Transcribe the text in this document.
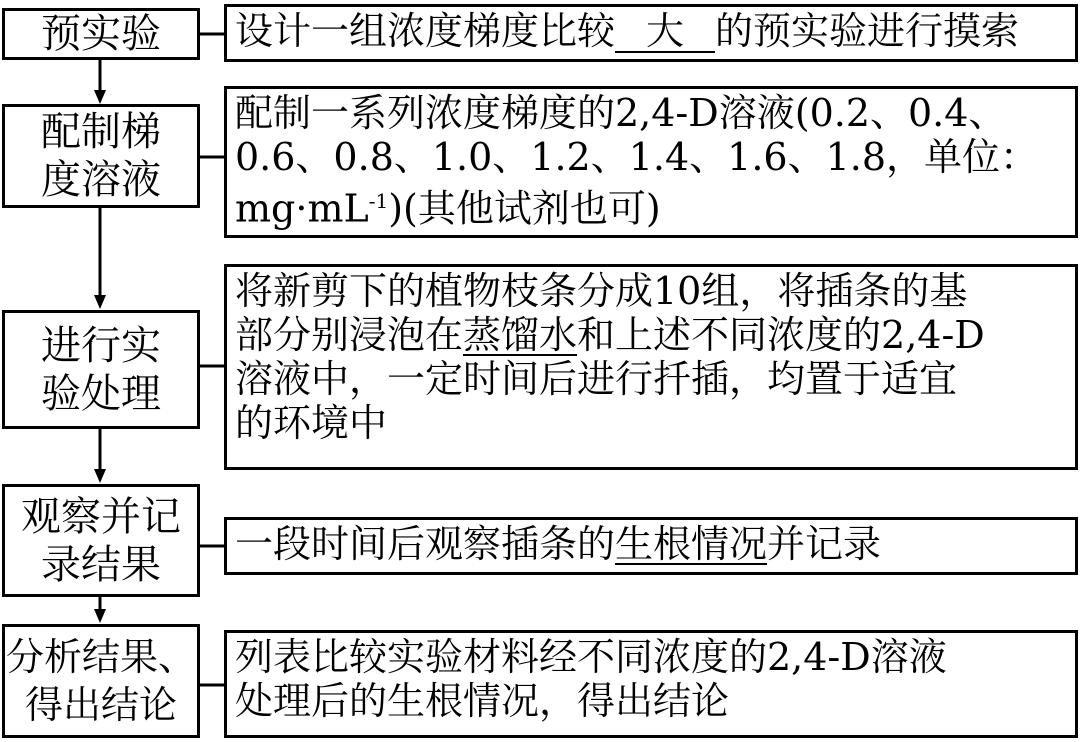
预实验
配制梯
度溶液
进行实
验处理
观察并记
录结果
分析结果、
得出结论
设计一组浓度梯度比较 大 的预实验进行摸索
配制一系列浓度梯度的2,4-D溶液(0.2、0.4、
0.6、0.8、1.0、1.2、1.4、1.6、1.8，单位：
$mg\cdot mL^{-1}$)(其他试剂也可)
将新剪下的植物枝条分成10组，将插条的基
部分别浸泡在蒸馏水和上述不同浓度的2,4-D
溶液中，一定时间后进行扦插，均置于适宜
的环境中
一段时间后观察插条的生根情况并记录
列表比较实验材料经不同浓度的2,4-D溶液
处理后的生根情况，得出结论
